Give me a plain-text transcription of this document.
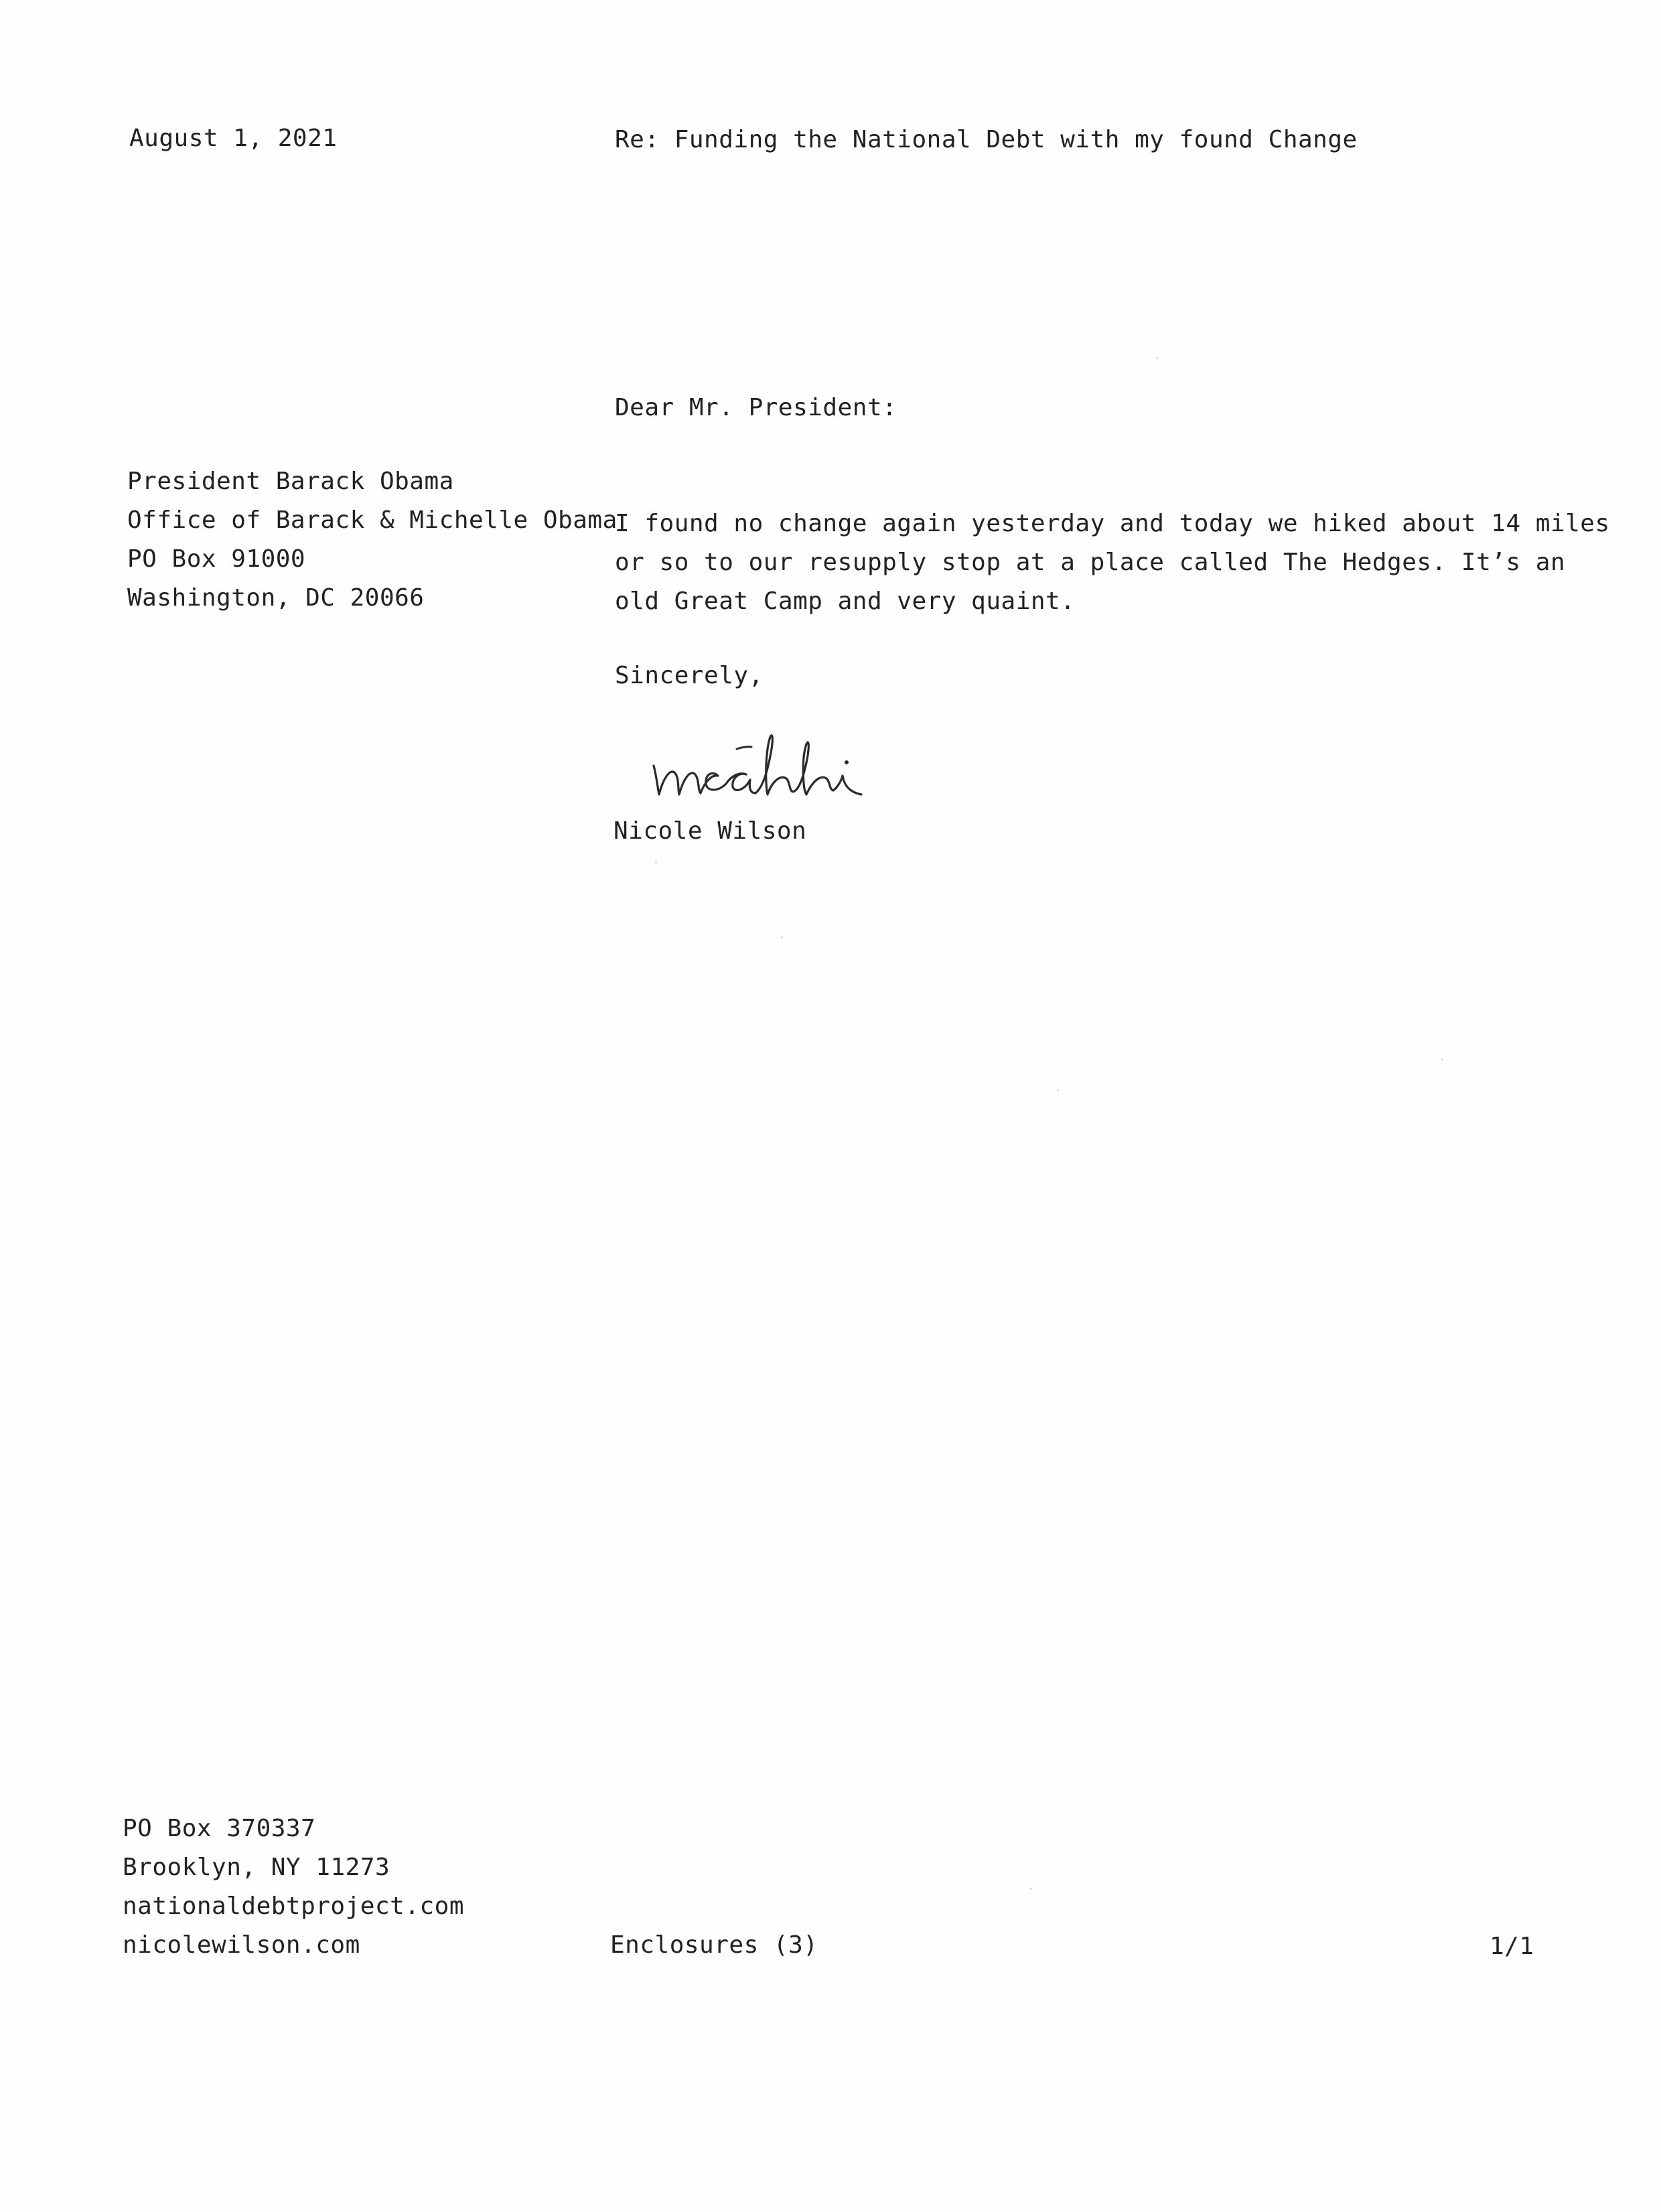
August 1, 2021	Re: Funding the National Debt with my found Change
Dear Mr. President:
President Barack Obama
Office of Barack & Michelle Obama
PO Box 91000
Washington, DC 20066
I found no change again yesterday and today we hiked about 14 miles
or so to our resupply stop at a place called The Hedges. It’s an
old Great Camp and very quaint.
Sincerely,
Nicole Wilson
PO Box 370337
Brooklyn, NY 11273
nationaldebtproject.com
nicolewilson.com	Enclosures (3)	1/1
